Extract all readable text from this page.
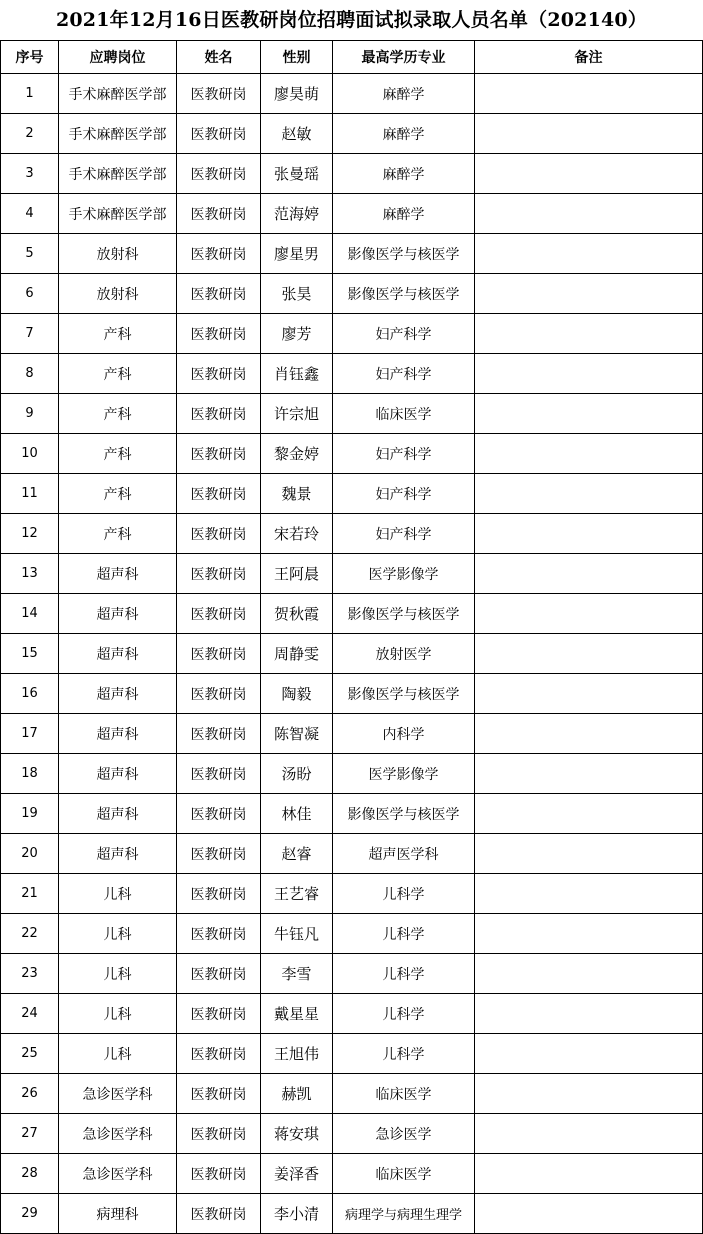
2021年12月16日医教研岗位招聘面试拟录取人员名单（202140）
序号	应聘岗位	姓名	性别	最高学历专业	备注
1	手术麻醉医学部	医教研岗	廖昊萌	麻醉学	
2	手术麻醉医学部	医教研岗	赵敏	麻醉学	
3	手术麻醉医学部	医教研岗	张曼瑶	麻醉学	
4	手术麻醉医学部	医教研岗	范海婷	麻醉学	
5	放射科	医教研岗	廖星男	影像医学与核医学	
6	放射科	医教研岗	张昊	影像医学与核医学	
7	产科	医教研岗	廖芳	妇产科学	
8	产科	医教研岗	肖钰鑫	妇产科学	
9	产科	医教研岗	许宗旭	临床医学	
10	产科	医教研岗	黎金婷	妇产科学	
11	产科	医教研岗	魏景	妇产科学	
12	产科	医教研岗	宋若玲	妇产科学	
13	超声科	医教研岗	王阿晨	医学影像学	
14	超声科	医教研岗	贺秋霞	影像医学与核医学	
15	超声科	医教研岗	周静雯	放射医学	
16	超声科	医教研岗	陶毅	影像医学与核医学	
17	超声科	医教研岗	陈智凝	内科学	
18	超声科	医教研岗	汤盼	医学影像学	
19	超声科	医教研岗	林佳	影像医学与核医学	
20	超声科	医教研岗	赵睿	超声医学科	
21	儿科	医教研岗	王艺睿	儿科学	
22	儿科	医教研岗	牛钰凡	儿科学	
23	儿科	医教研岗	李雪	儿科学	
24	儿科	医教研岗	戴星星	儿科学	
25	儿科	医教研岗	王旭伟	儿科学	
26	急诊医学科	医教研岗	赫凯	临床医学	
27	急诊医学科	医教研岗	蒋安琪	急诊医学	
28	急诊医学科	医教研岗	姜泽香	临床医学	
29	病理科	医教研岗	李小清	病理学与病理生理学	
